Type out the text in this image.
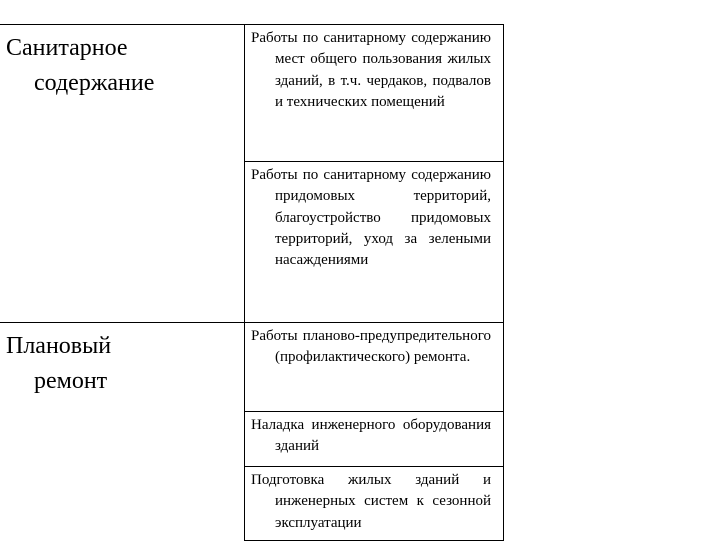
Санитарное
содержание	Работы по санитарному содержанию мест общего пользования жилых зданий, в т.ч. чердаков, подвалов и технических помещений

	Работы по санитарному содержанию придомовых территорий, благоустройство придомовых территорий, уход за зелеными насаждениями

Плановый
ремонт	Работы планово-предупредительного (профилактического) ремонта.

	Наладка инженерного оборудования зданий

	Подготовка жилых зданий и инженерных систем к сезонной эксплуатации
